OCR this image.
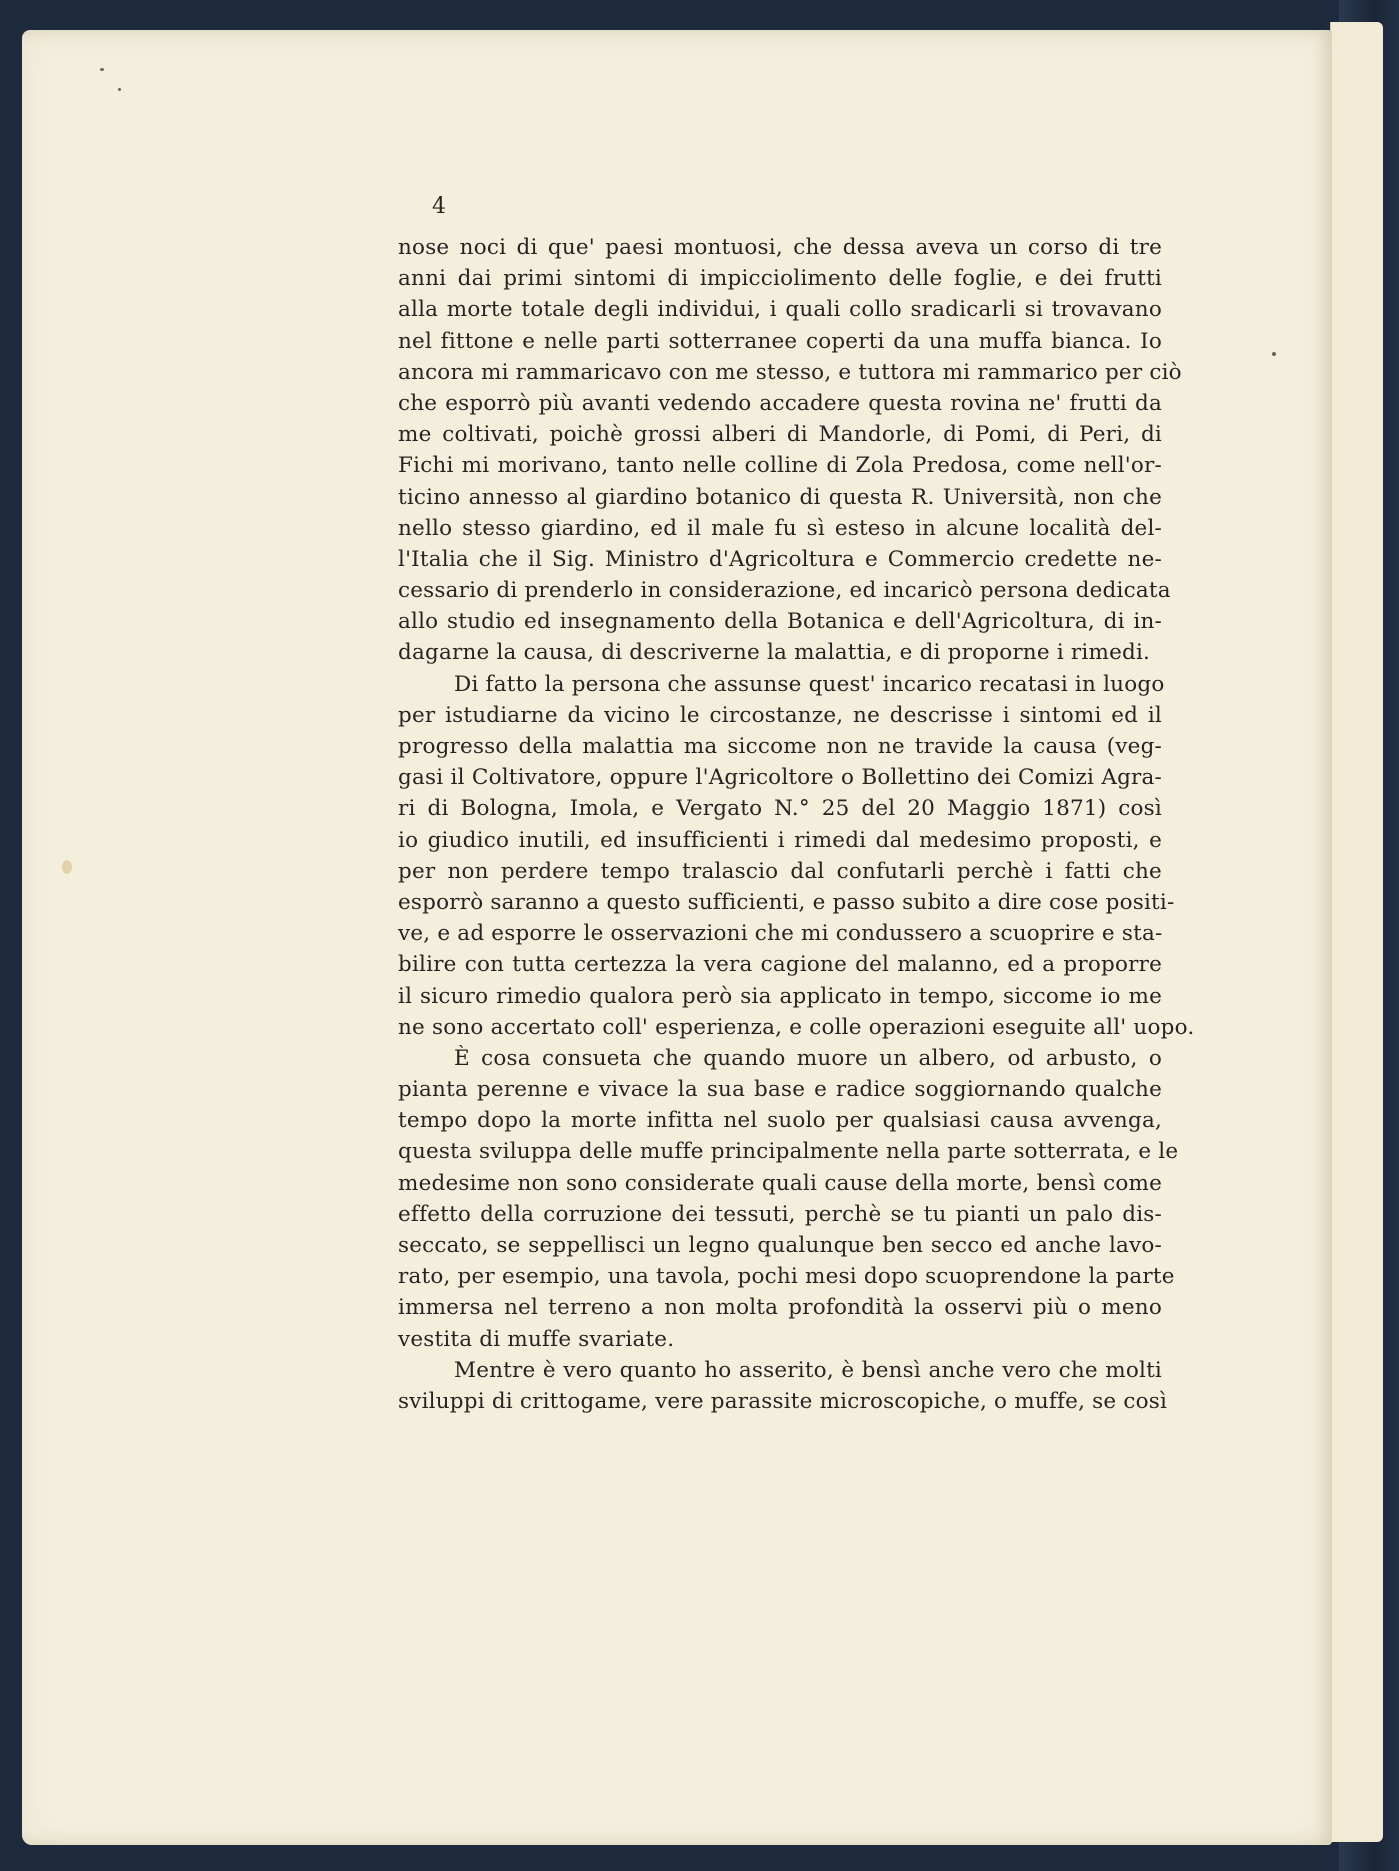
4
nose noci di que' paesi montuosi, che dessa aveva un corso di tre
anni dai primi sintomi di impicciolimento delle foglie, e dei frutti
alla morte totale degli individui, i quali collo sradicarli si trovavano
nel fittone e nelle parti sotterranee coperti da una muffa bianca. Io
ancora mi rammaricavo con me stesso, e tuttora mi rammarico per ciò
che esporrò più avanti vedendo accadere questa rovina ne' frutti da
me coltivati, poichè grossi alberi di Mandorle, di Pomi, di Peri, di
Fichi mi morivano, tanto nelle colline di Zola Predosa, come nell'or-
ticino annesso al giardino botanico di questa R. Università, non che
nello stesso giardino, ed il male fu sì esteso in alcune località del-
l'Italia che il Sig. Ministro d'Agricoltura e Commercio credette ne-
cessario di prenderlo in considerazione, ed incaricò persona dedicata
allo studio ed insegnamento della Botanica e dell'Agricoltura, di in-
dagarne la causa, di descriverne la malattia, e di proporne i rimedi.
Di fatto la persona che assunse quest' incarico recatasi in luogo
per istudiarne da vicino le circostanze, ne descrisse i sintomi ed il
progresso della malattia ma siccome non ne travide la causa (veg-
gasi il Coltivatore, oppure l'Agricoltore o Bollettino dei Comizi Agra-
ri di Bologna, Imola, e Vergato N.° 25 del 20 Maggio 1871) così
io giudico inutili, ed insufficienti i rimedi dal medesimo proposti, e
per non perdere tempo tralascio dal confutarli perchè i fatti che
esporrò saranno a questo sufficienti, e passo subito a dire cose positi-
ve, e ad esporre le osservazioni che mi condussero a scuoprire e sta-
bilire con tutta certezza la vera cagione del malanno, ed a proporre
il sicuro rimedio qualora però sia applicato in tempo, siccome io me
ne sono accertato coll' esperienza, e colle operazioni eseguite all' uopo.
È cosa consueta che quando muore un albero, od arbusto, o
pianta perenne e vivace la sua base e radice soggiornando qualche
tempo dopo la morte infitta nel suolo per qualsiasi causa avvenga,
questa sviluppa delle muffe principalmente nella parte sotterrata, e le
medesime non sono considerate quali cause della morte, bensì come
effetto della corruzione dei tessuti, perchè se tu pianti un palo dis-
seccato, se seppellisci un legno qualunque ben secco ed anche lavo-
rato, per esempio, una tavola, pochi mesi dopo scuoprendone la parte
immersa nel terreno a non molta profondità la osservi più o meno
vestita di muffe svariate.
Mentre è vero quanto ho asserito, è bensì anche vero che molti
sviluppi di crittogame, vere parassite microscopiche, o muffe, se così
